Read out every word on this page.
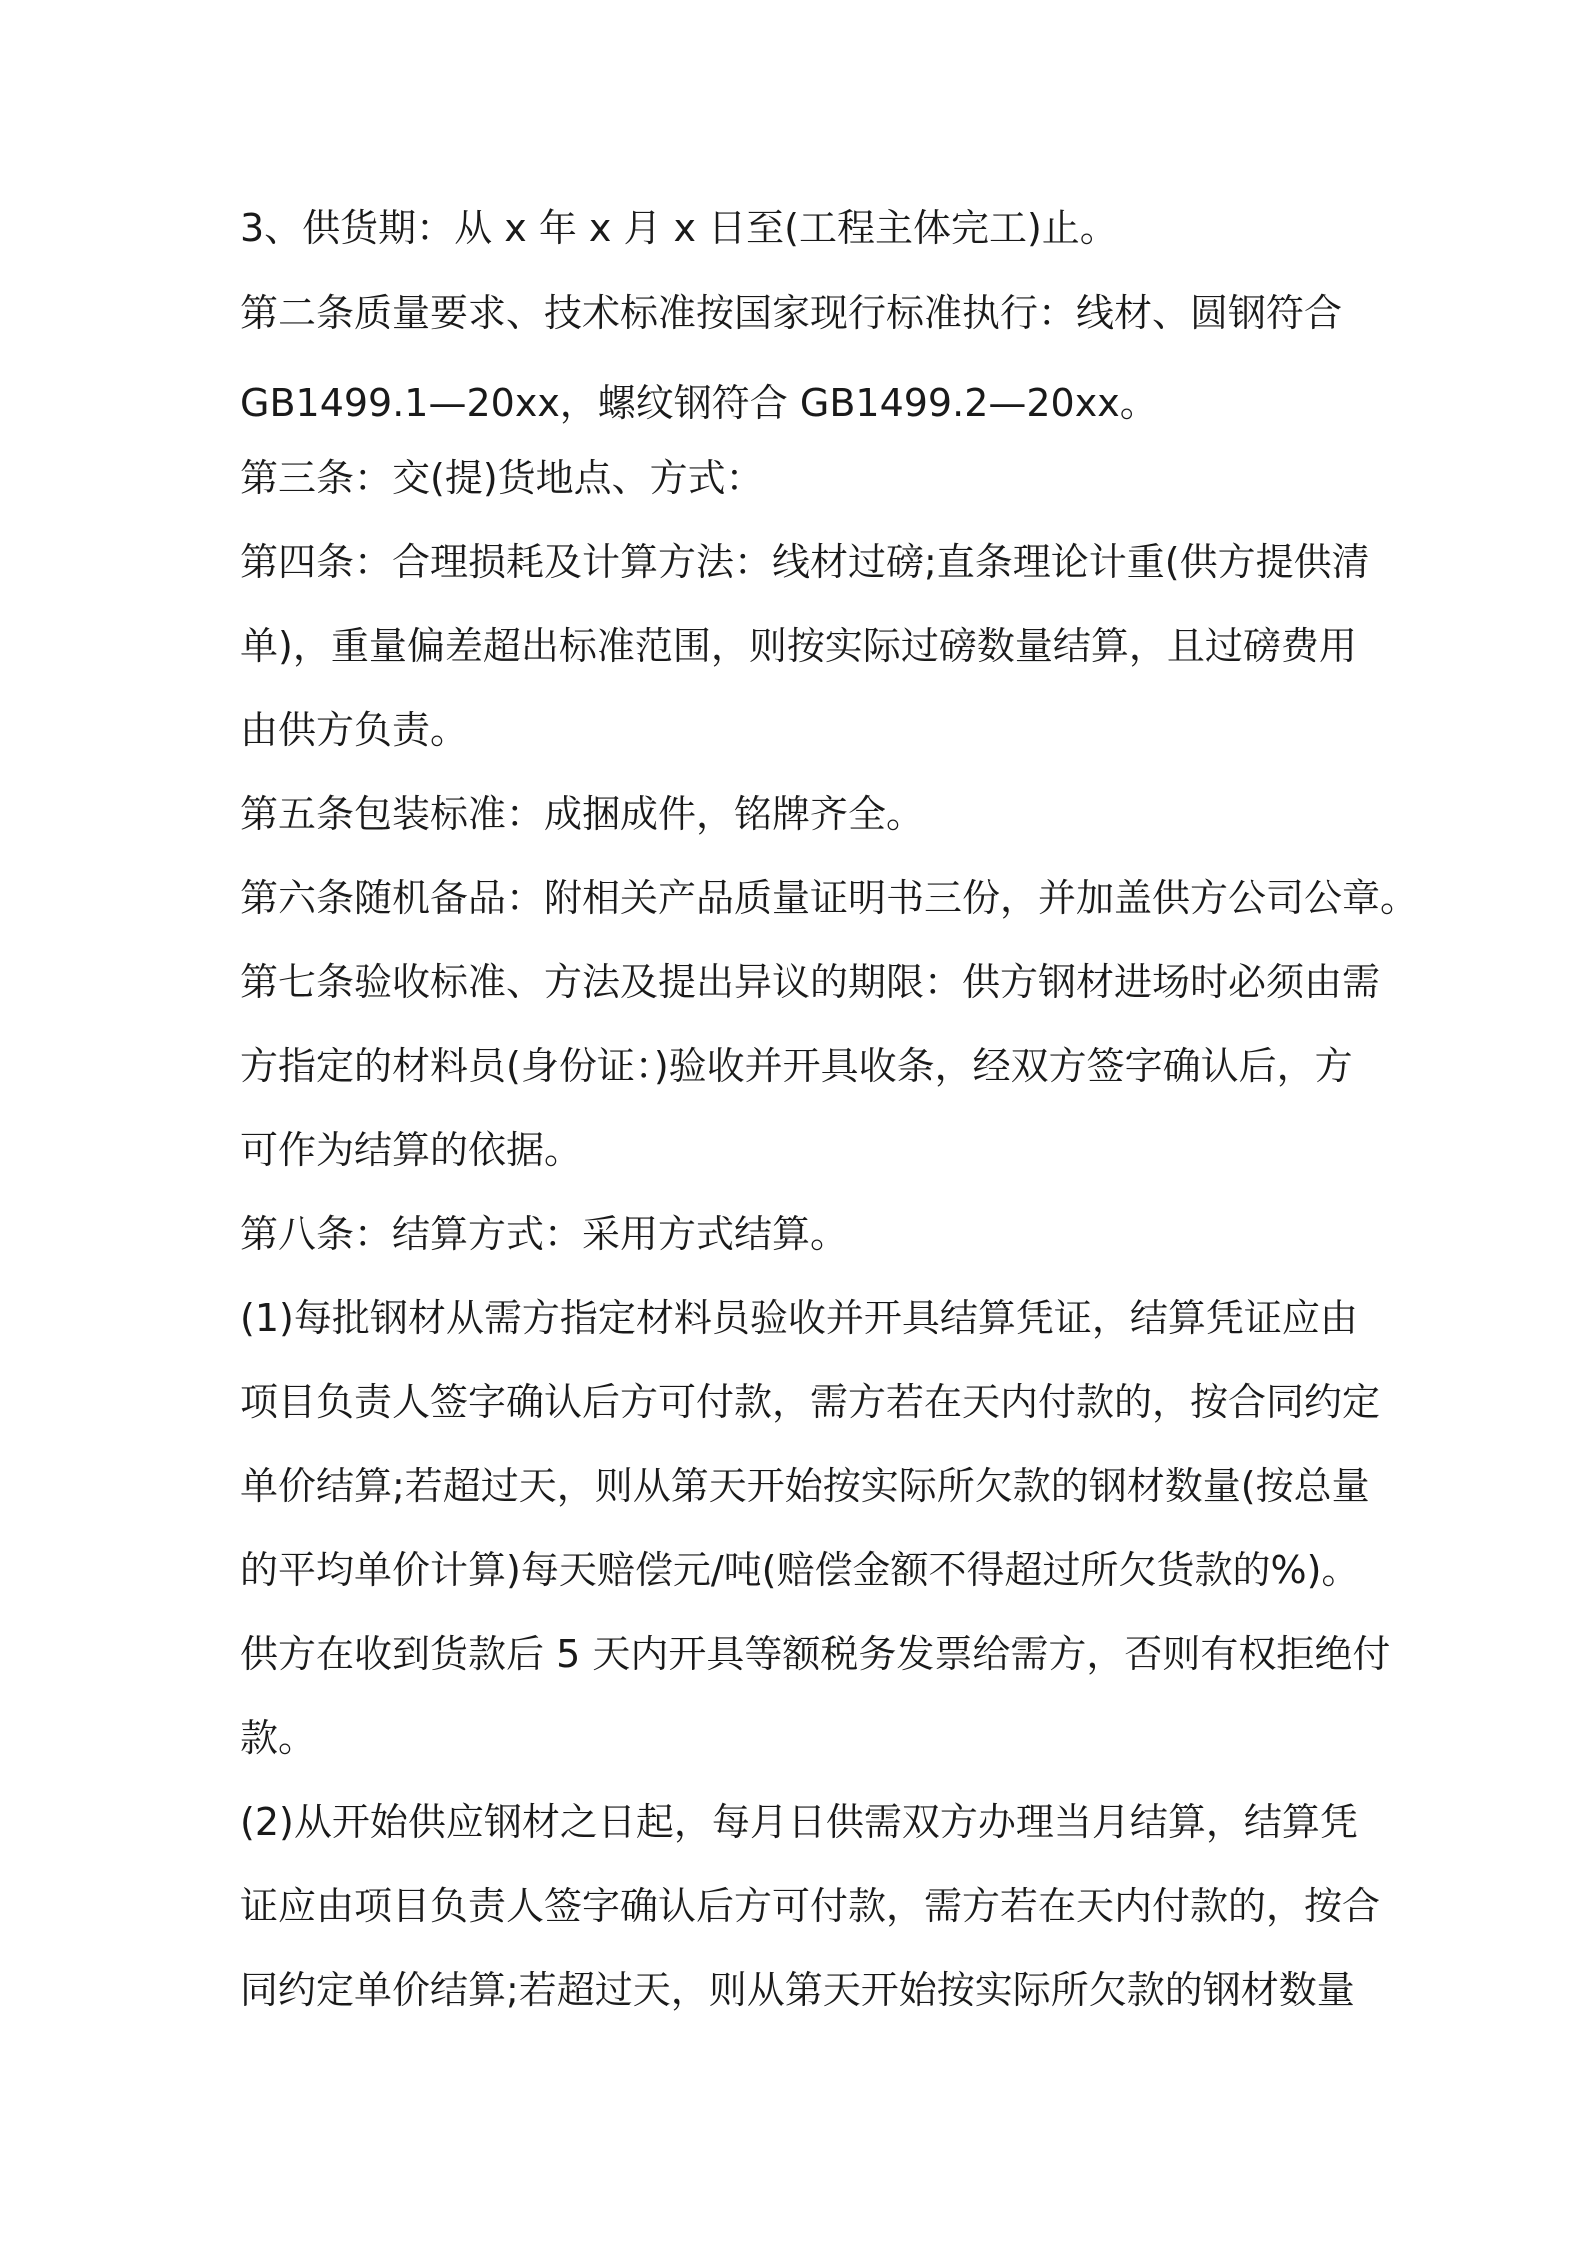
3、供货期：从 x 年 x 月 x 日至(工程主体完工)止。

第二条质量要求、技术标准按国家现行标准执行：线材、圆钢符合

GB1499.1—20xx，螺纹钢符合 GB1499.2—20xx。

第三条：交(提)货地点、方式：

第四条：合理损耗及计算方法：线材过磅;直条理论计重(供方提供清

单)，重量偏差超出标准范围，则按实际过磅数量结算，且过磅费用

由供方负责。

第五条包装标准：成捆成件，铭牌齐全。

第六条随机备品：附相关产品质量证明书三份，并加盖供方公司公章。

第七条验收标准、方法及提出异议的期限：供方钢材进场时必须由需

方指定的材料员(身份证：)验收并开具收条，经双方签字确认后，方

可作为结算的依据。

第八条：结算方式：采用方式结算。

(1)每批钢材从需方指定材料员验收并开具结算凭证，结算凭证应由

项目负责人签字确认后方可付款，需方若在天内付款的，按合同约定

单价结算;若超过天，则从第天开始按实际所欠款的钢材数量(按总量

的平均单价计算)每天赔偿元/吨(赔偿金额不得超过所欠货款的%)。

供方在收到货款后 5 天内开具等额税务发票给需方，否则有权拒绝付

款。

(2)从开始供应钢材之日起，每月日供需双方办理当月结算，结算凭

证应由项目负责人签字确认后方可付款，需方若在天内付款的，按合

同约定单价结算;若超过天，则从第天开始按实际所欠款的钢材数量
